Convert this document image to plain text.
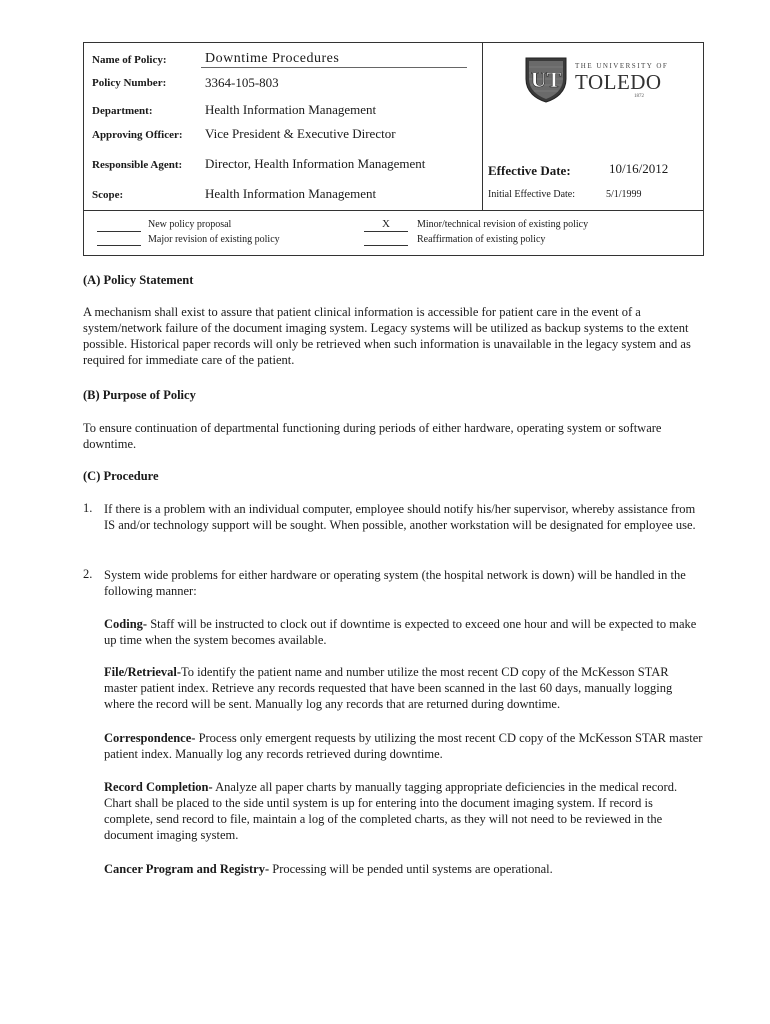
Name of Policy:	Downtime Procedures
Policy Number:	3364-105-803
Department:	Health Information Management
Approving Officer: Vice President & Executive Director
Responsible Agent: Director, Health Information Management
Scope:	Health Information Management
Effective Date:	10/16/2012
Initial Effective Date:	5/1/1999
UT
THE UNIVERSITY OF
TOLEDO
1872
New policy proposal
Major revision of existing policy
X	Minor/technical revision of existing policy
Reaffirmation of existing policy
(A) Policy Statement

A mechanism shall exist to assure that patient clinical information is accessible for patient care in the event of a system/network failure of the document imaging system. Legacy systems will be utilized as backup systems to the extent possible. Historical paper records will only be retrieved when such information is unavailable in the legacy system and as required for immediate care of the patient.

(B) Purpose of Policy

To ensure continuation of departmental functioning during periods of either hardware, operating system or software downtime.

(C) Procedure
1. If there is a problem with an individual computer, employee should notify his/her supervisor, whereby assistance from IS and/or technology support will be sought. When possible, another workstation will be designated for employee use.

2. System wide problems for either hardware or operating system (the hospital network is down) will be handled in the following manner:

Coding- Staff will be instructed to clock out if downtime is expected to exceed one hour and will be expected to make up time when the system becomes available.

File/Retrieval-To identify the patient name and number utilize the most recent CD copy of the McKesson STAR master patient index. Retrieve any records requested that have been scanned in the last 60 days, manually logging where the record will be sent. Manually log any records that are returned during downtime.

Correspondence- Process only emergent requests by utilizing the most recent CD copy of the McKesson STAR master patient index. Manually log any records retrieved during downtime.

Record Completion- Analyze all paper charts by manually tagging appropriate deficiencies in the medical record. Chart shall be placed to the side until system is up for entering into the document imaging system. If record is complete, send record to file, maintain a log of the completed charts, as they will not need to be reviewed in the document imaging system.

Cancer Program and Registry- Processing will be pended until systems are operational.
